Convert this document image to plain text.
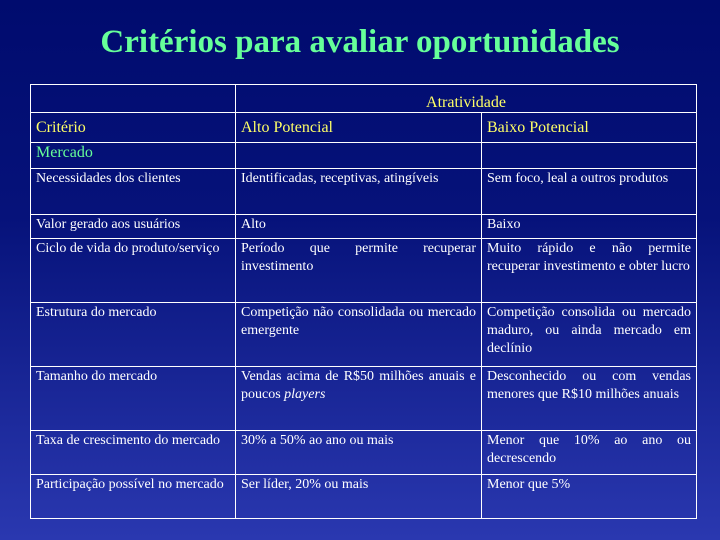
Critérios para avaliar oportunidades
	Atratividade	
Critério	Alto Potencial	Baixo Potencial
Mercado		
Necessidades dos clientes	Identificadas, receptivas, atingíveis	Sem foco, leal a outros produtos
Valor gerado aos usuários	Alto	Baixo
Ciclo de vida do produto/serviço	Período que permite recuperar investimento	Muito rápido e não permite recuperar investimento e obter lucro
Estrutura do mercado	Competição não consolidada ou mercado emergente	Competição consolida ou mercado maduro, ou ainda mercado em declínio
Tamanho do mercado	Vendas acima de R$50 milhões anuais e poucos players	Desconhecido ou com vendas menores que R$10 milhões anuais
Taxa de crescimento do mercado	30% a 50% ao ano ou mais	Menor que 10% ao ano ou decrescendo
Participação possível no mercado	Ser líder, 20% ou mais	Menor que 5%
